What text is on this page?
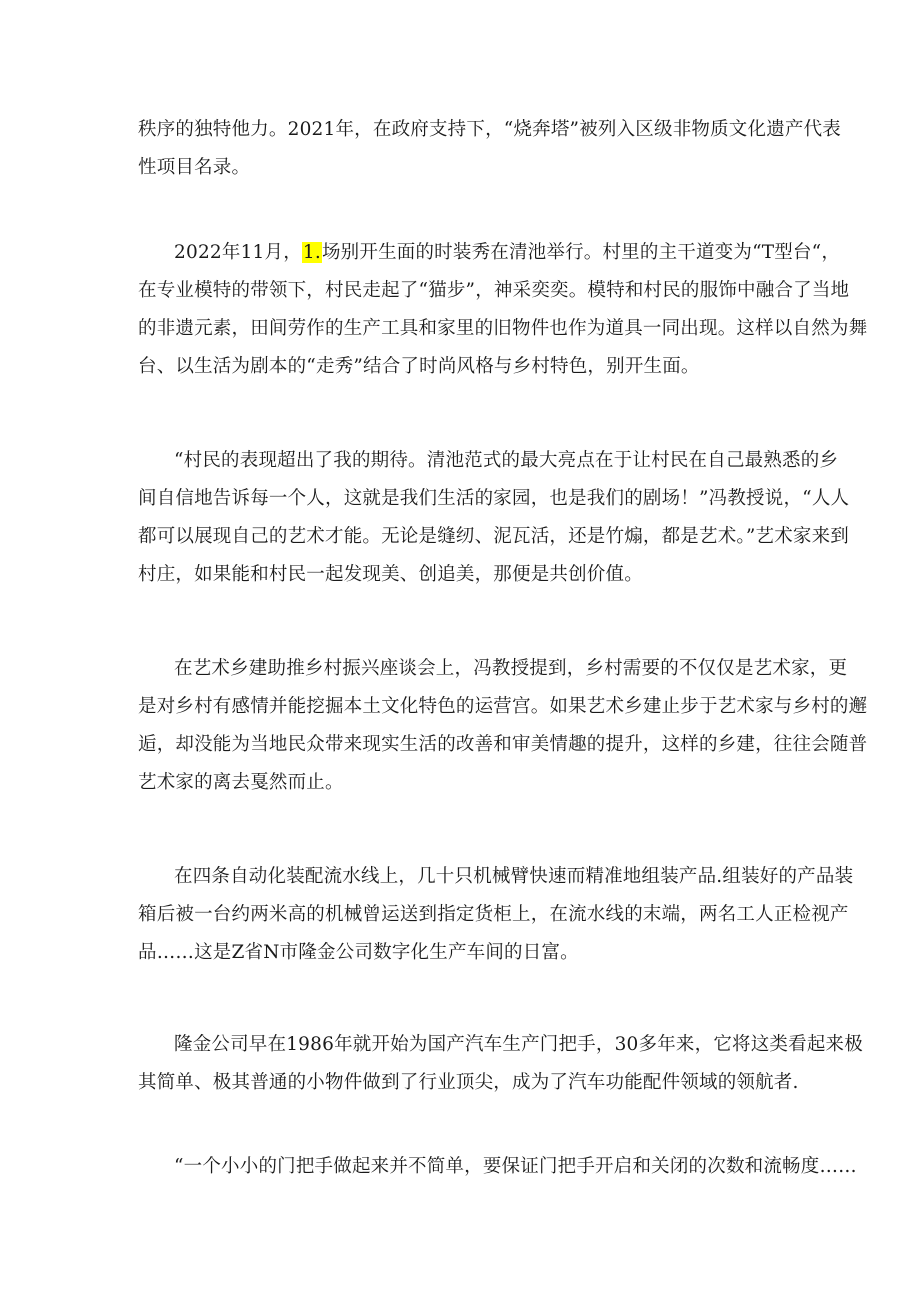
秩序的独特他力。2021年，在政府支持下，“烧奔塔”被列入区级非物质文化遗产代表
性项目名录。

2022年11月，1.场别开生面的时装秀在清池举行。村里的主干道变为“T型台“，
在专业模特的带领下，村民走起了“猫步”，神采奕奕。模特和村民的服饰中融合了当地
的非遗元素，田间劳作的生产工具和家里的旧物件也作为道具一同出现。这样以自然为舞
台、以生活为剧本的“走秀”结合了时尚风格与乡村特色，别开生面。

“村民的表现超出了我的期待。清池范式的最大亮点在于让村民在自己最熟悉的乡
间自信地告诉每一个人，这就是我们生活的家园，也是我们的剧场！”冯教授说，“人人
都可以展现自己的艺术才能。无论是缝纫、泥瓦活，还是竹煽，都是艺术。”艺术家来到
村庄，如果能和村民一起发现美、创追美，那便是共创价值。

在艺术乡建助推乡村振兴座谈会上，冯教授提到，乡村需要的不仅仅是艺术家，更
是对乡村有感情并能挖掘本土文化特色的运营宫。如果艺术乡建止步于艺术家与乡村的邂
逅，却没能为当地民众带来现实生活的改善和审美情趣的提升，这样的乡建，往往会随普
艺术家的离去戛然而止。

在四条自动化装配流水线上，几十只机械臂快速而精准地组装产品.组装好的产品装
箱后被一台约两米高的机械曾运送到指定货柜上，在流水线的末端，两名工人正检视产
品……这是Z省N市隆金公司数字化生产车间的日富。

隆金公司早在1986年就开始为国产汽车生产门把手，30多年来，它将这类看起来极
其简单、极其普通的小物件做到了行业顶尖，成为了汽车功能配件领域的领航者.

“一个小小的门把手做起来并不简单，要保证门把手开启和关闭的次数和流畅度……
